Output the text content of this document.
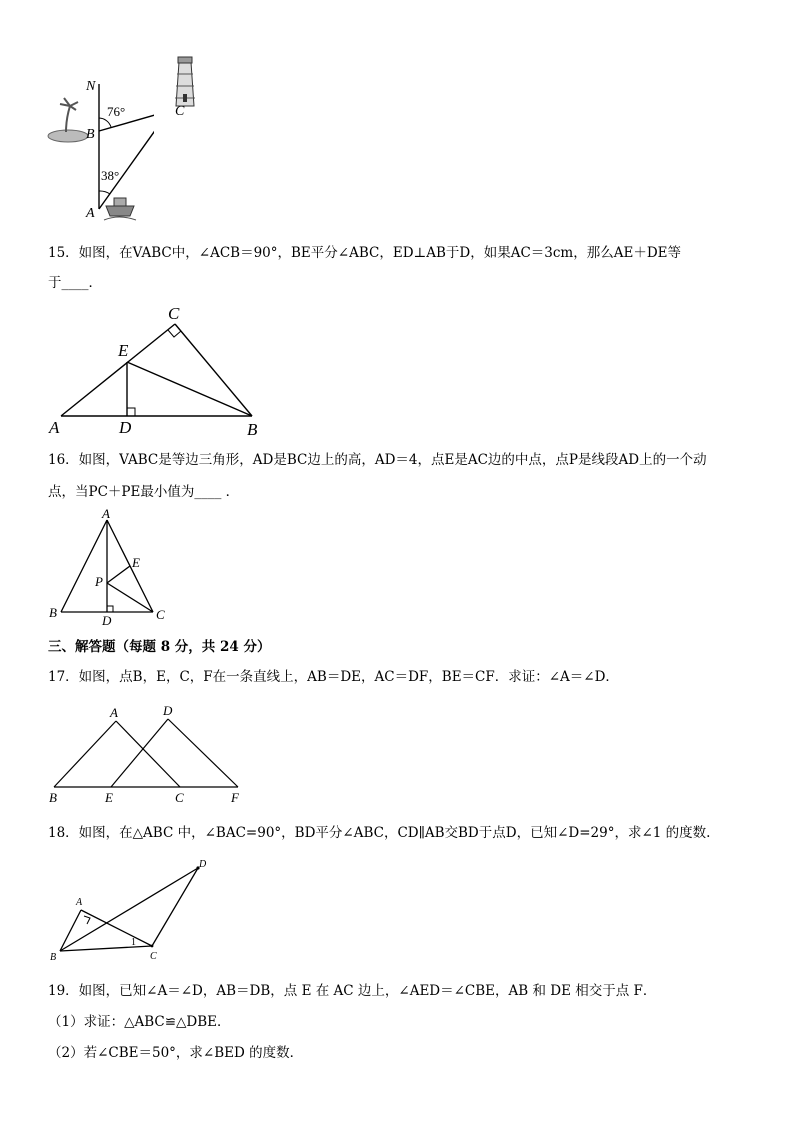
N
B
A
76°
38°
C
15．如图，在VABC中，∠ACB＝90°，BE平分∠ABC，ED⊥AB于D，如果AC＝3cm，那么AE＋DE等
于____．
C
E
A	D	B
16．如图，VABC是等边三角形，AD是BC边上的高，AD＝4，点E是AC边的中点，点P是线段AD上的一个动
点，当PC＋PE最小值为____ ．
A
E
P
B
D	C
三、解答题（每题 8 分，共 24 分）
17．如图，点B，E，C，F在一条直线上，AB＝DE，AC＝DF，BE＝CF．求证：∠A＝∠D．
A	D
B	E	C	F
18．如图，在△ABC 中，∠BAC=90°，BD平分∠ABC，CD∥AB交BD于点D，已知∠D=29°，求∠1 的度数.
D
A
B	C
1
19．如图，已知∠A＝∠D，AB＝DB，点 E 在 AC 边上，∠AED＝∠CBE，AB 和 DE 相交于点 F．
（1）求证：△ABC≌△DBE．
（2）若∠CBE＝50°，求∠BED 的度数．
